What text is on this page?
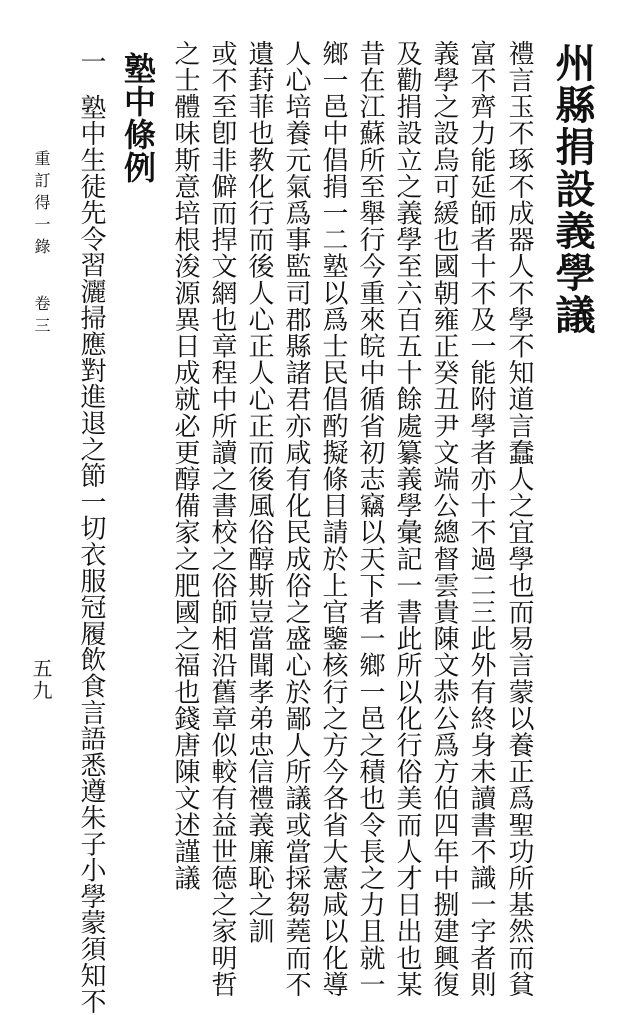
州縣捐設義學議
禮言玉不琢不成器人不學不知道言蠢人之宜學也而易言蒙以養正爲聖功所基然而貧
富不齊力能延師者十不及一能附學者亦十不過二三此外有終身未讀書不識一字者則
義學之設烏可緩也國朝雍正癸丑尹文端公總督雲貴陳文恭公爲方伯四年中捌建興復
及勸捐設立之義學至六百五十餘處纂義學彙記一書此所以化行俗美而人才日出也某
昔在江蘇所至舉行今重來皖中循省初志竊以天下者一鄉一邑之積也令長之力且就一
鄉一邑中倡捐一二塾以爲士民倡酌擬條目請於上官鑒核行之方今各省大憲咸以化導
人心培養元氣爲事監司郡縣諸君亦咸有化民成俗之盛心於鄙人所議或當採芻蕘而不
遺葑菲也教化行而後人心正人心正而後風俗醇斯豈當聞孝弟忠信禮義廉恥之訓
或不至卽非僻而捍文網也章程中所讀之書校之俗師相沿舊章似較有益世德之家明哲
之士體味斯意培根浚源異日成就必更醇備家之肥國之福也錢唐陳文述謹議
塾中條例
一
塾中生徒先令習灑掃應對進退之節一切衣服冠履飲食言語悉遵朱子小學蒙須知不
重訂得一錄
卷三
五九
